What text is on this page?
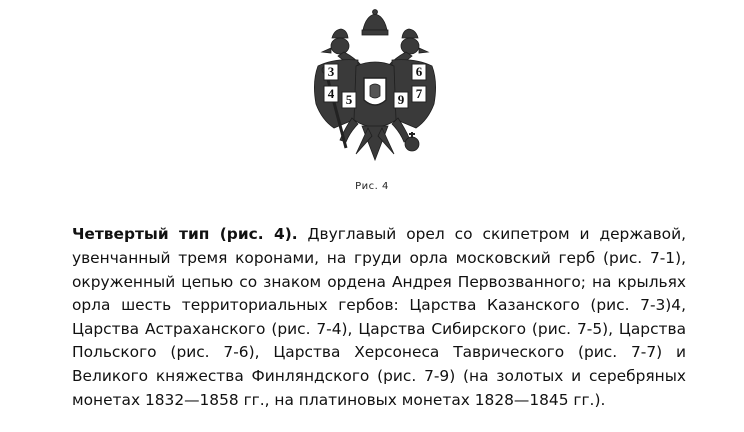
3
4 5
6
7
9
Рис. 4

Четвертый тип (рис. 4). Двуглавый орел со скипетром и державой, увенчанный тремя коронами, на груди орла московский герб (рис. 7-1), окруженный цепью со знаком ордена Андрея Первозванного; на крыльях орла шесть территориальных гербов: Царства Казанского (рис. 7-3)4, Царства Астраханского (рис. 7-4), Царства Сибирского (рис. 7-5), Царства Польского (рис. 7-6), Царства Херсонеса Таврического (рис. 7-7) и Великого княжества Финляндского (рис. 7-9) (на золотых и серебряных монетах 1832—1858 гг., на платиновых монетах 1828—1845 гг.).
